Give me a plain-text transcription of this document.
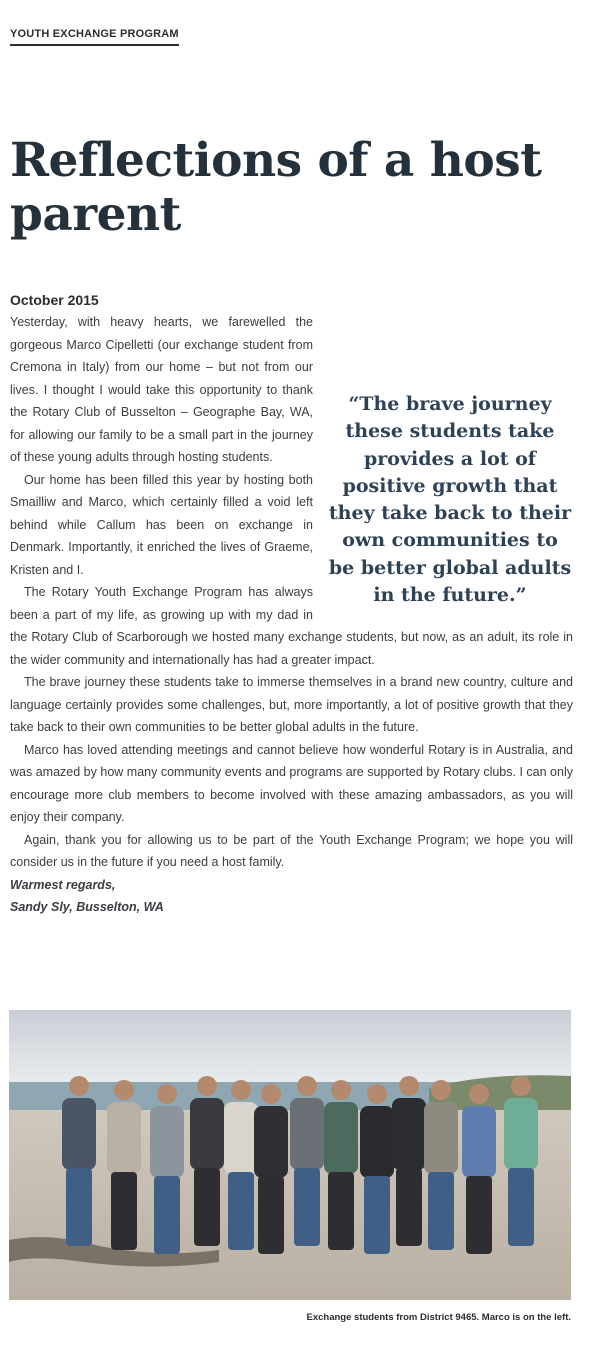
YOUTH EXCHANGE PROGRAM
Reflections of a host parent
October 2015
“The brave journey these students take provides a lot of positive growth that they take back to their own communities to be better global adults in the future.”

Yesterday, with heavy hearts, we farewelled the gorgeous Marco Cipelletti (our exchange student from Cremona in Italy) from our home – but not from our lives. I thought I would take this opportunity to thank the Rotary Club of Busselton – Geographe Bay, WA, for allowing our family to be a small part in the journey of these young adults through hosting students.

Our home has been filled this year by hosting both Smailliw and Marco, which certainly filled a void left behind while Callum has been on exchange in Denmark. Importantly, it enriched the lives of Graeme, Kristen and I.

The Rotary Youth Exchange Program has always been a part of my life, as growing up with my dad in the Rotary Club of Scarborough we hosted many exchange students, but now, as an adult, its role in the wider community and internationally has had a greater impact.

The brave journey these students take to immerse themselves in a brand new country, culture and language certainly provides some challenges, but, more importantly, a lot of positive growth that they take back to their own communities to be better global adults in the future.

Marco has loved attending meetings and cannot believe how wonderful Rotary is in Australia, and was amazed by how many community events and programs are supported by Rotary clubs. I can only encourage more club members to become involved with these amazing ambassadors, as you will enjoy their company.

Again, thank you for allowing us to be part of the Youth Exchange Program; we hope you will consider us in the future if you need a host family.

Warmest regards,

Sandy Sly, Busselton, WA

Exchange students from District 9465. Marco is on the left.
